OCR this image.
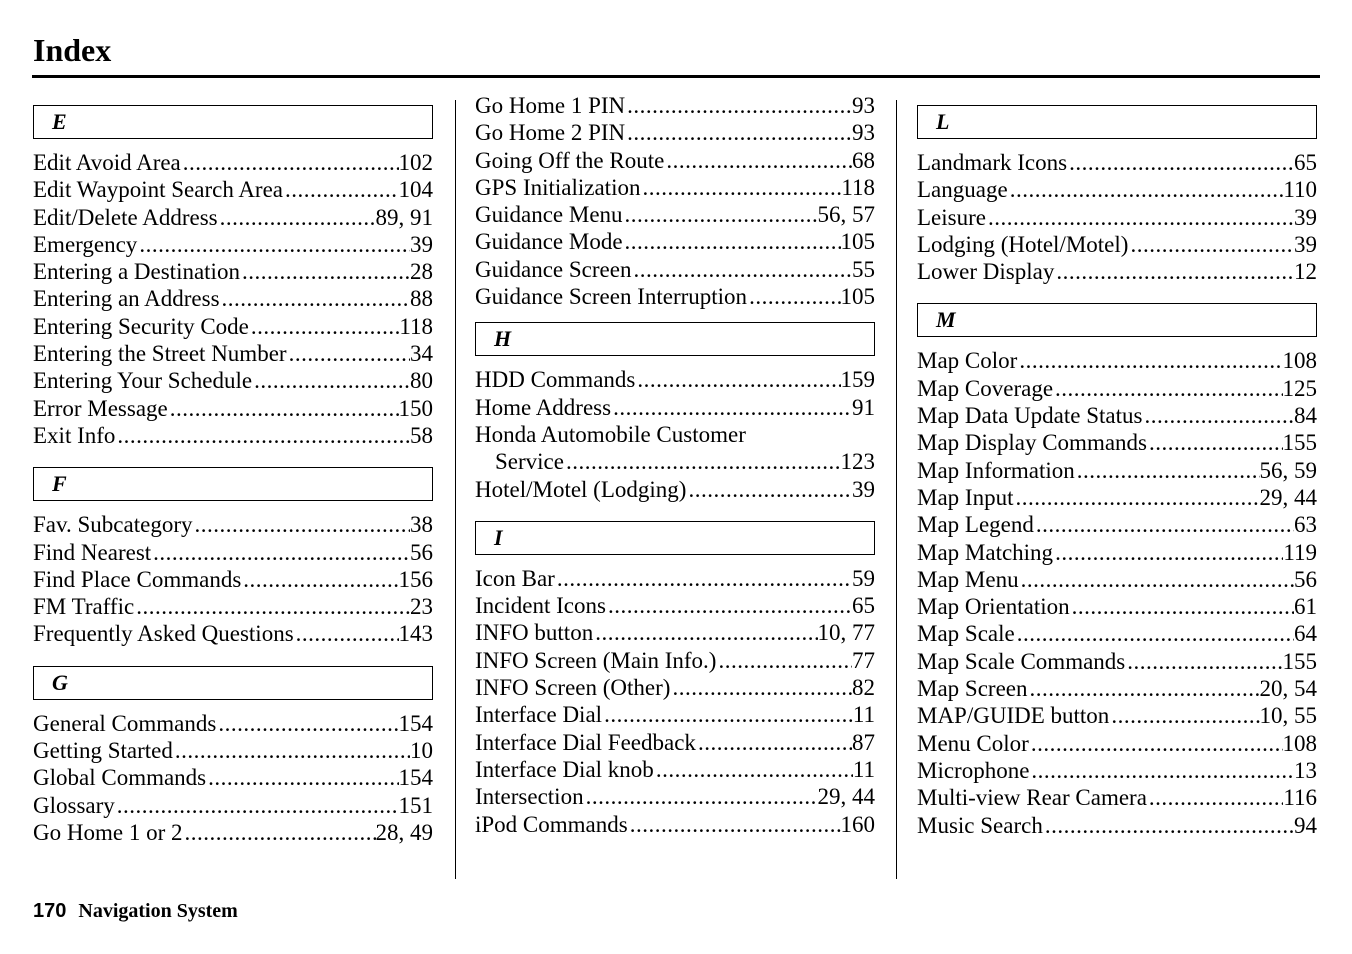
Index
E
Edit Avoid Area .....	102
Edit Waypoint Search Area .....	104
Edit/Delete Address .....	89, 91
Emergency .....	39
Entering a Destination .....	28
Entering an Address .....	88
Entering Security Code .....	118
Entering the Street Number .....	34
Entering Your Schedule .....	80
Error Message .....	150
Exit Info .....	58
F
Fav. Subcategory .....	38
Find Nearest .....	56
Find Place Commands .....	156
FM Traffic .....	23
Frequently Asked Questions .....	143
G
General Commands .....	154
Getting Started .....	10
Global Commands .....	154
Glossary .....	151
Go Home 1 or 2 .....	28, 49
Go Home 1 PIN .....	93
Go Home 2 PIN .....	93
Going Off the Route .....	68
GPS Initialization .....	118
Guidance Menu .....	56, 57
Guidance Mode .....	105
Guidance Screen .....	55
Guidance Screen Interruption .....	105
H
HDD Commands .....	159
Home Address .....	91
Honda Automobile Customer
Service .....	123
Hotel/Motel (Lodging) .....	39
I
Icon Bar .....	59
Incident Icons .....	65
INFO button .....	10, 77
INFO Screen (Main Info.) .....	77
INFO Screen (Other) .....	82
Interface Dial .....	11
Interface Dial Feedback .....	87
Interface Dial knob .....	11
Intersection .....	29, 44
iPod Commands .....	160
L
Landmark Icons .....	65
Language .....	110
Leisure .....	39
Lodging (Hotel/Motel) .....	39
Lower Display .....	12
M
Map Color .....	108
Map Coverage .....	125
Map Data Update Status .....	84
Map Display Commands .....	155
Map Information .....	56, 59
Map Input .....	29, 44
Map Legend .....	63
Map Matching .....	119
Map Menu .....	56
Map Orientation .....	61
Map Scale .....	64
Map Scale Commands .....	155
Map Screen .....	20, 54
MAP/GUIDE button .....	10, 55
Menu Color .....	108
Microphone .....	13
Multi-view Rear Camera .....	116
Music Search .....	94
170 Navigation System
